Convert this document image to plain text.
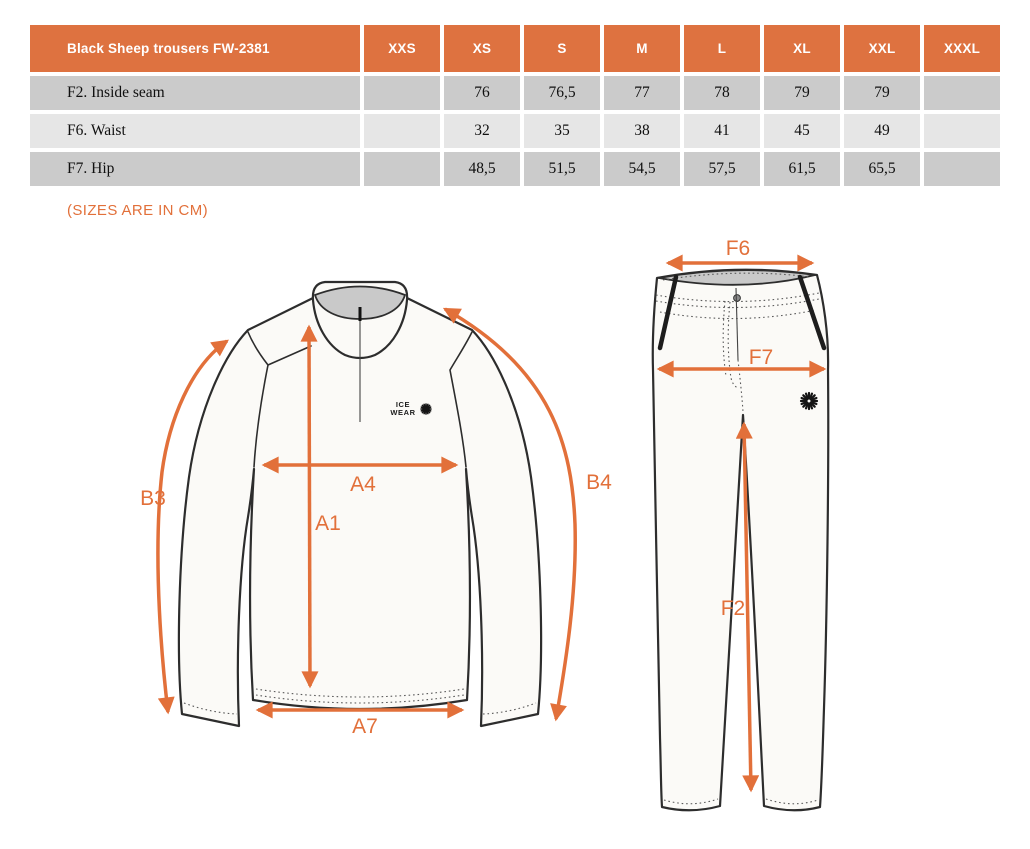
Black Sheep trousers FW-2381	XXS	XS	S	M	L	XL	XXL	XXXL
F2. Inside seam		76	76,5	77	78	79	79	
F6. Waist		32	35	38	41	45	49	
F7. Hip		48,5	51,5	54,5	57,5	61,5	65,5	
(SIZES ARE IN CM)
ICE
WEAR
A4
A1
A7
B3
B4
F6
F7
F2
